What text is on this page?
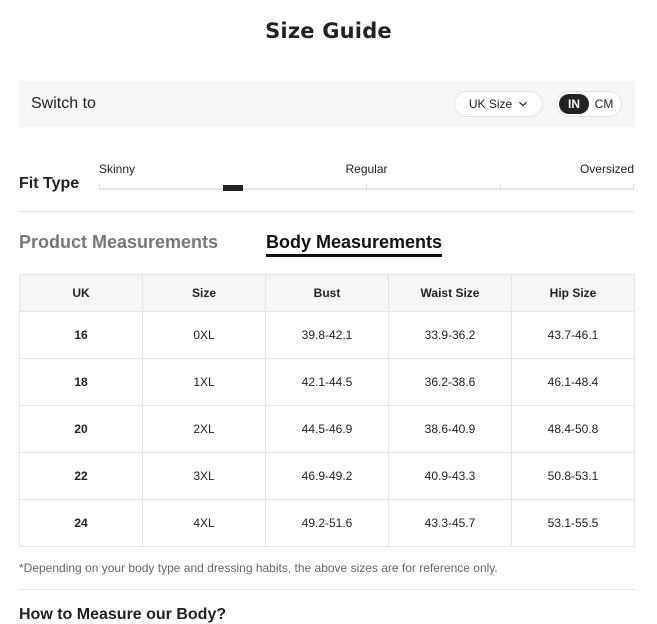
Size Guide
Switch to	UK Size	IN	CM
Fit Type
Skinny	Regular	Oversized
Product Measurements	Body Measurements
UK	Size	Bust	Waist Size	Hip Size
16	0XL	39.8-42.1	33.9-36.2	43.7-46.1
18	1XL	42.1-44.5	36.2-38.6	46.1-48.4
20	2XL	44.5-46.9	38.6-40.9	48.4-50.8
22	3XL	46.9-49.2	40.9-43.3	50.8-53.1
24	4XL	49.2-51.6	43.3-45.7	53.1-55.5
*Depending on your body type and dressing habits, the above sizes are for reference only.
How to Measure our Body?
